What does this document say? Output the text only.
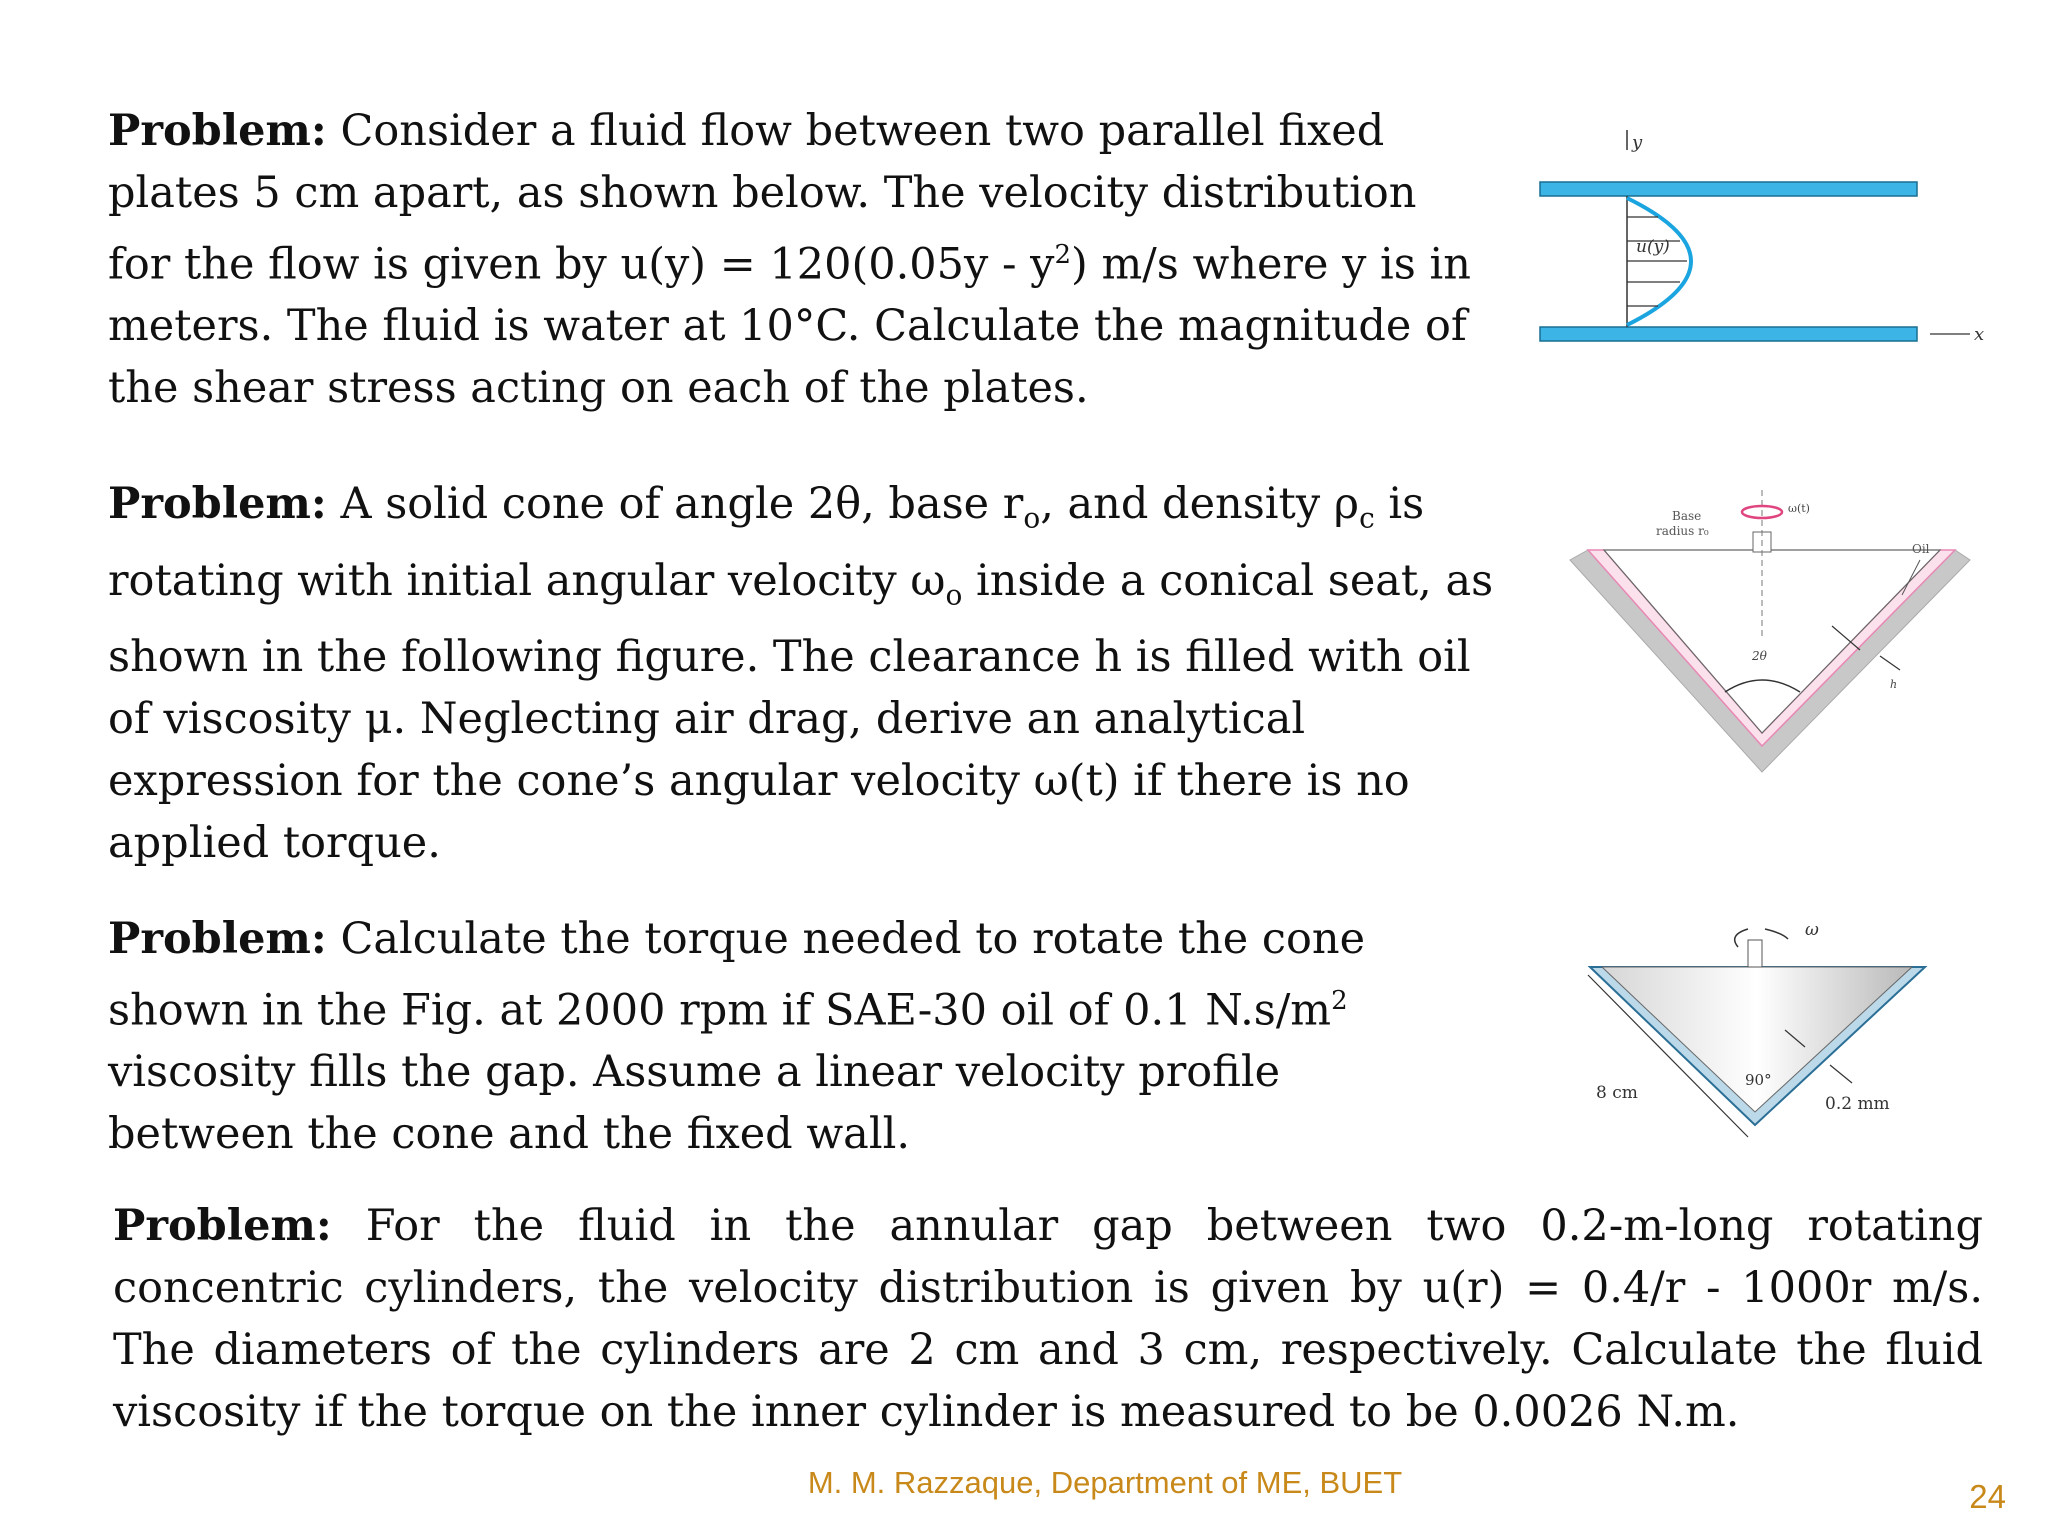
Problem: Consider a fluid flow between two parallel fixed plates 5 cm apart, as shown below. The velocity distribution for the flow is given by $u(y) = 120(0.05y - y^2)$ m/s where y is in meters. The fluid is water at 10°C. Calculate the magnitude of the shear stress acting on each of the plates.

Problem: A solid cone of angle 2θ, base $r_o$, and density $\rho_c$ is rotating with initial angular velocity $\omega_o$ inside a conical seat, as shown in the following figure. The clearance h is filled with oil of viscosity μ. Neglecting air drag, derive an analytical expression for the cone’s angular velocity ω(t) if there is no applied torque.

Problem: Calculate the torque needed to rotate the cone shown in the Fig. at 2000 rpm if SAE-30 oil of 0.1 $N.s/m^2$ viscosity fills the gap. Assume a linear velocity profile between the cone and the fixed wall.

Problem: For the fluid in the annular gap between two 0.2-m-long rotating concentric cylinders, the velocity distribution is given by u(r) = 0.4/r - 1000r m/s. The diameters of the cylinders are 2 cm and 3 cm, respectively. Calculate the fluid viscosity if the torque on the inner cylinder is measured to be 0.0026 N.m.

y
u(y)
x
ω(t)
Base
radius r₀
Oil
2θ
h
ω
8 cm
90°
0.2 mm
M. M. Razzaque, Department of ME, BUET	24
